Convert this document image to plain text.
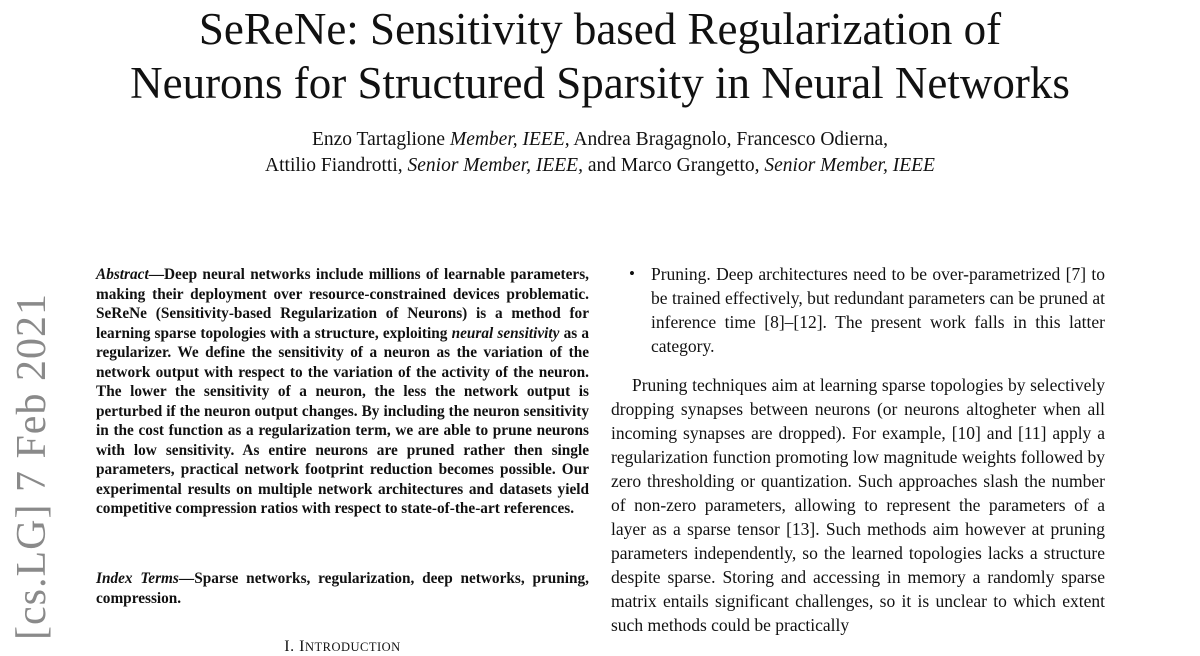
SeReNe: Sensitivity based Regularization of
Neurons for Structured Sparsity in Neural Networks
Enzo Tartaglione Member, IEEE, Andrea Bragagnolo, Francesco Odierna,
Attilio Fiandrotti, Senior Member, IEEE, and Marco Grangetto, Senior Member, IEEE
[cs.LG] 7 Feb 2021

Abstract—Deep neural networks include millions of learnable parameters, making their deployment over resource-constrained devices problematic. SeReNe (Sensitivity-based Regularization of Neurons) is a method for learning sparse topologies with a structure, exploiting neural sensitivity as a regularizer. We define the sensitivity of a neuron as the variation of the network output with respect to the variation of the activity of the neuron. The lower the sensitivity of a neuron, the less the network output is perturbed if the neuron output changes. By including the neuron sensitivity in the cost function as a regularization term, we are able to prune neurons with low sensitivity. As entire neurons are pruned rather then single parameters, practical network footprint reduction becomes possible. Our experimental results on multiple network architectures and datasets yield competitive compression ratios with respect to state-of-the-art references.

Index Terms—Sparse networks, regularization, deep networks, pruning, compression.

I. INTRODUCTION
• Pruning. Deep architectures need to be over-parametrized [7] to be trained effectively, but redundant parameters can be pruned at inference time [8]–[12]. The present work falls in this latter category.

Pruning techniques aim at learning sparse topologies by selectively dropping synapses between neurons (or neurons altogheter when all incoming synapses are dropped). For example, [10] and [11] apply a regularization function promoting low magnitude weights followed by zero thresholding or quantization. Such approaches slash the number of non-zero parameters, allowing to represent the parameters of a layer as a sparse tensor [13]. Such methods aim however at pruning parameters independently, so the learned topologies lacks a structure despite sparse. Storing and accessing in memory a randomly sparse matrix entails significant challenges, so it is unclear to which extent such methods could be practically
